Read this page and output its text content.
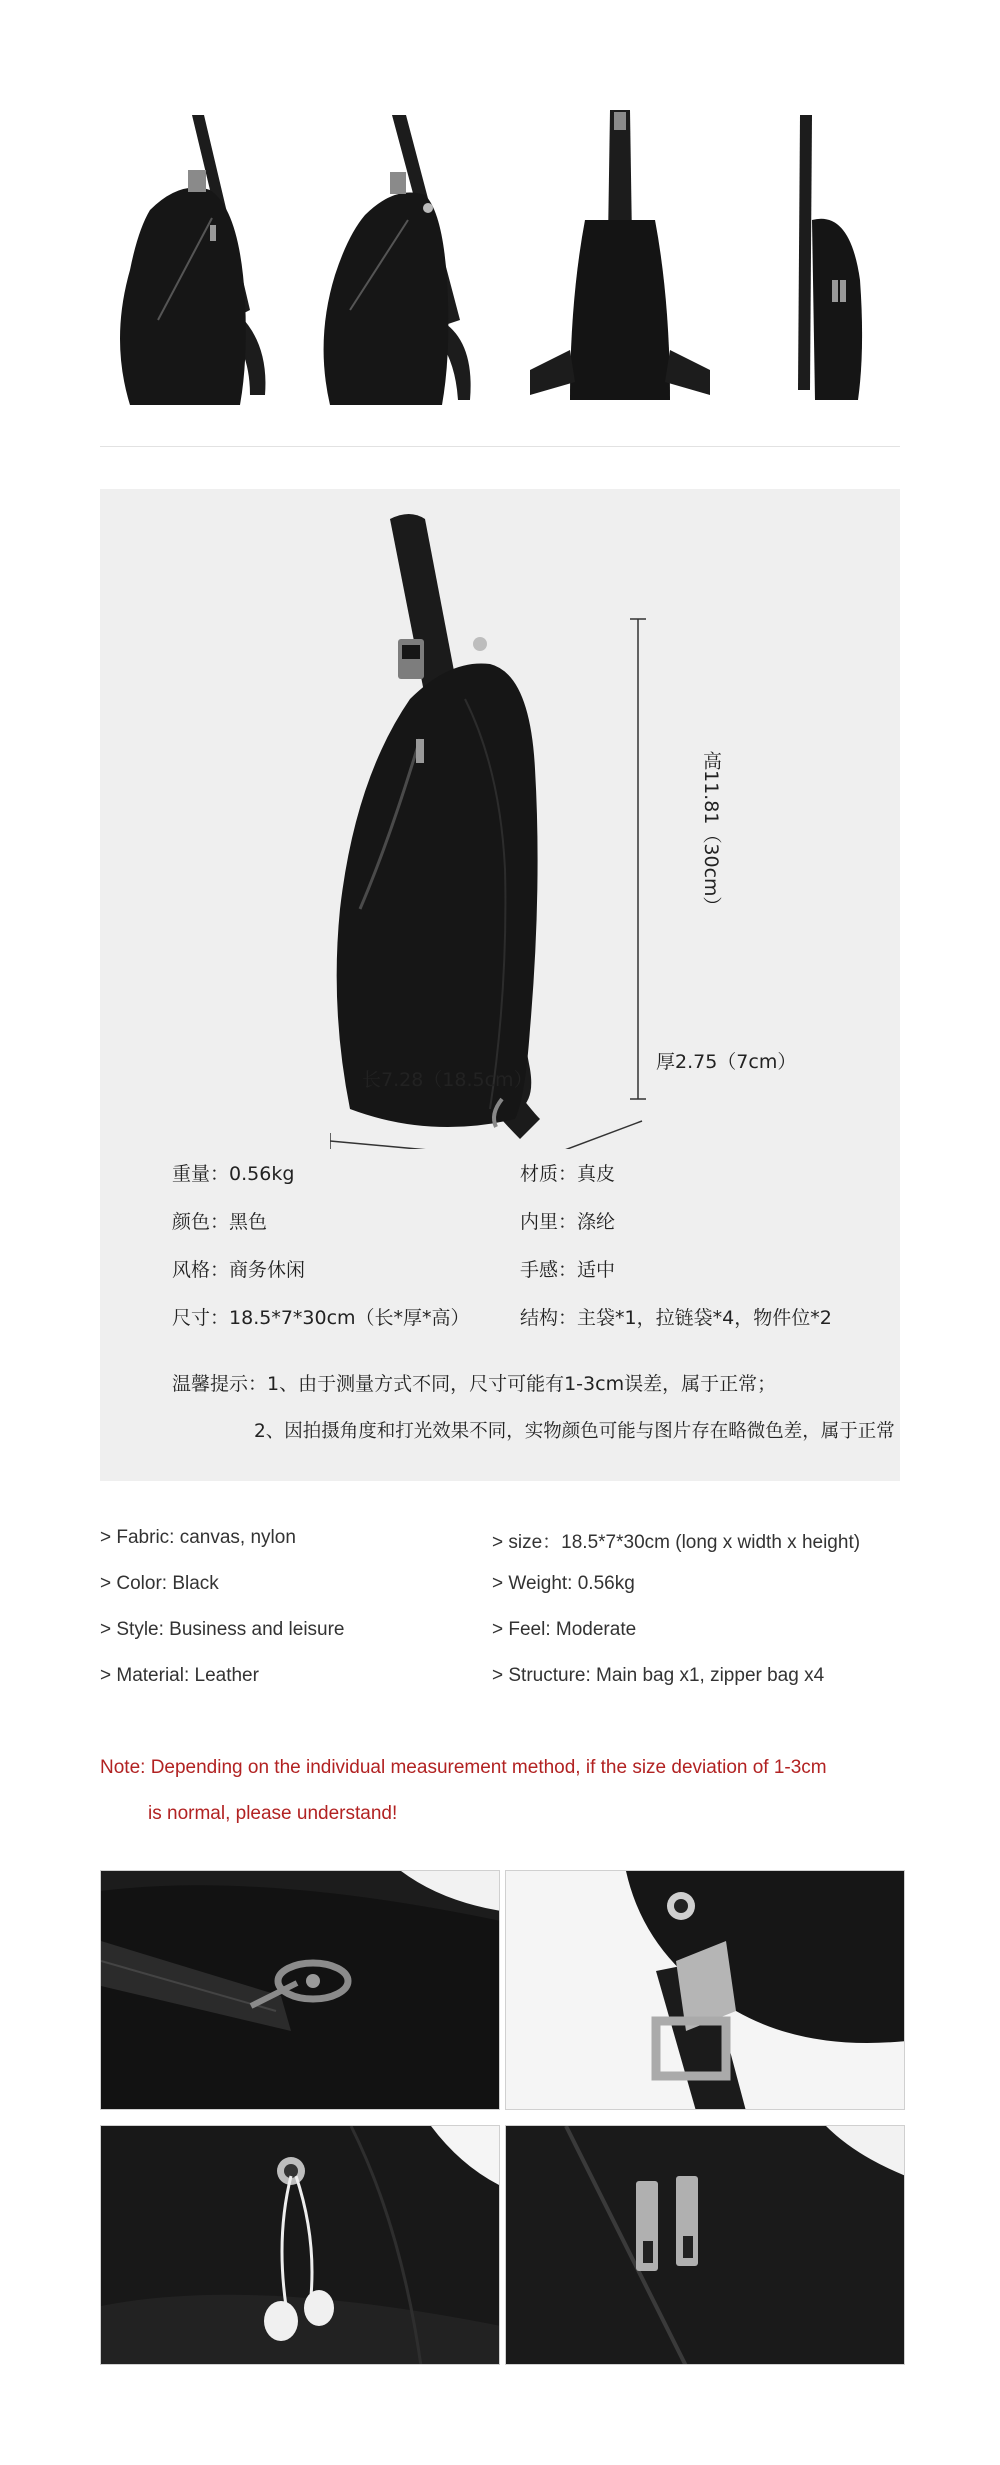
高11.81（30cm）
长7.28（18.5cm）
厚2.75（7cm）
重量：0.56kg
颜色：黑色
风格：商务休闲
尺寸：18.5*7*30cm（长*厚*高）
材质：真皮
内里：涤纶
手感：适中
结构：主袋*1，拉链袋*4，物件位*2
温馨提示：1、由于测量方式不同，尺寸可能有1-3cm误差，属于正常；
2、因拍摄角度和打光效果不同，实物颜色可能与图片存在略微色差，属于正常
> Fabric: canvas, nylon
> Color: Black
> Style: Business and leisure
> Material: Leather
> size：18.5*7*30cm (long x width x height)
> Weight: 0.56kg
> Feel: Moderate
> Structure: Main bag x1, zipper bag x4
Note: Depending on the individual measurement method, if the size deviation of 1-3cm
is normal, please understand!
